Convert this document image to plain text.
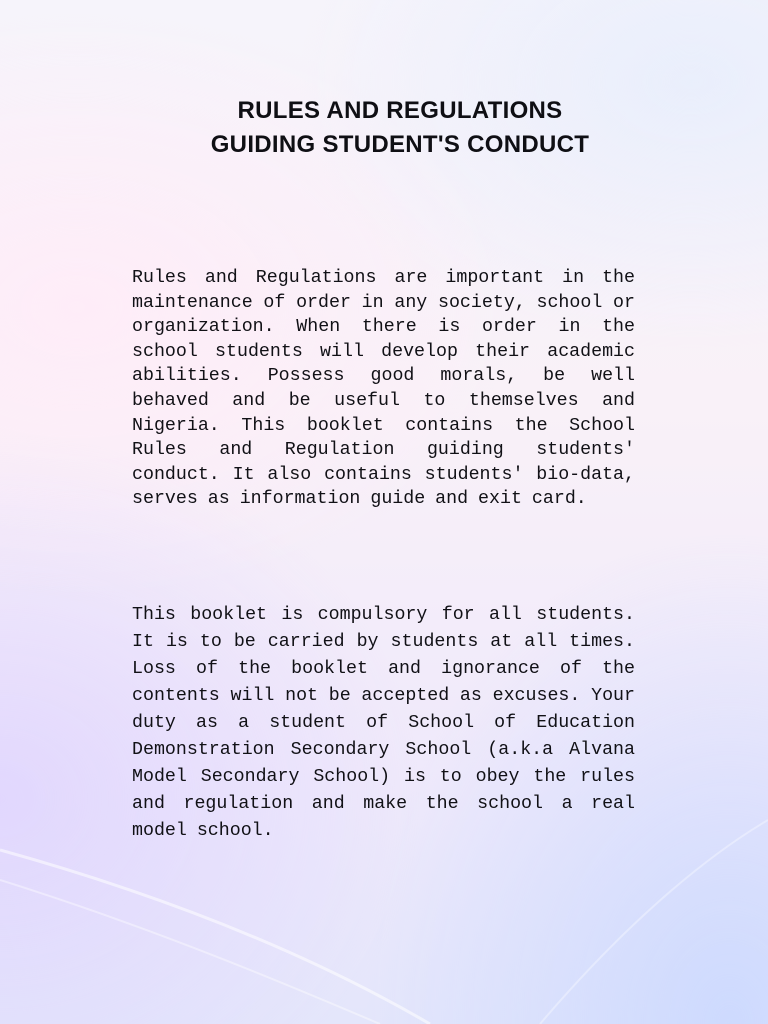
RULES AND REGULATIONS
GUIDING STUDENT'S CONDUCT

Rules and Regulations are important in the maintenance of order in any society, school or organization. When there is order in the school students will develop their academic abilities. Possess good morals, be well behaved and be useful to themselves and Nigeria. This booklet contains the School Rules and Regulation guiding students' conduct. It also contains students' bio-data, serves as information guide and exit card.

This booklet is compulsory for all students. It is to be carried by students at all times. Loss of the booklet and ignorance of the contents will not be accepted as excuses. Your duty as a student of School of Education Demonstration Secondary School (a.k.a Alvana Model Secondary School) is to obey the rules and regulation and make the school a real model school.
